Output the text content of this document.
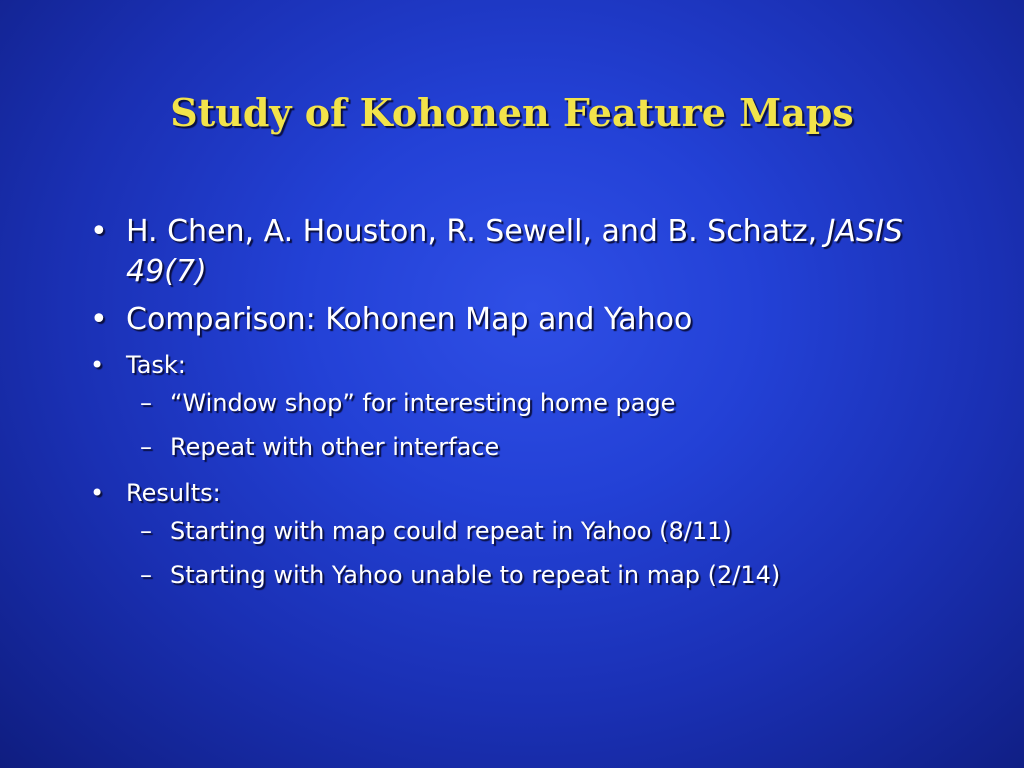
Study of Kohonen Feature Maps
• H. Chen, A. Houston, R. Sewell, and B. Schatz, JASIS 49(7)
• Comparison: Kohonen Map and Yahoo
• Task:
– “Window shop” for interesting home page
– Repeat with other interface
• Results:
– Starting with map could repeat in Yahoo (8/11)
– Starting with Yahoo unable to repeat in map (2/14)
